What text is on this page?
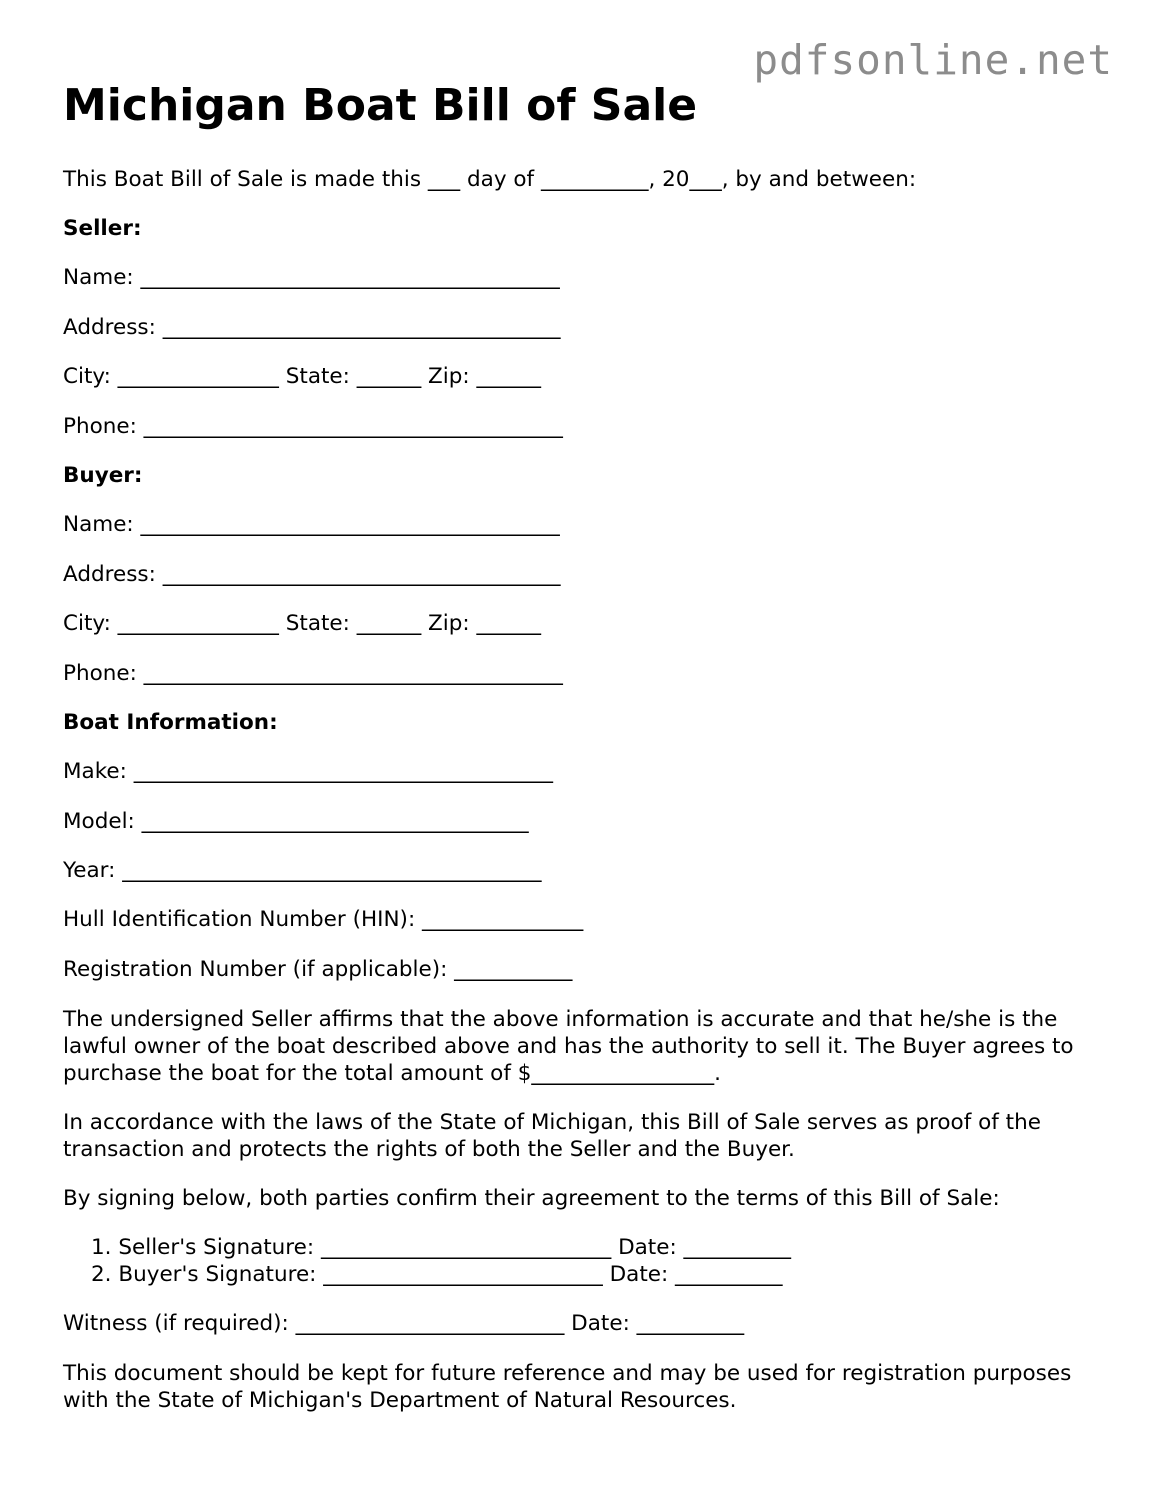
pdfsonline.net
Michigan Boat Bill of Sale
This Boat Bill of Sale is made this ___ day of __________, 20___, by and between:
Seller:
Name: _______________________________________
Address: _____________________________________
City: _______________ State: ______ Zip: ______
Phone: _______________________________________
Buyer:
Name: _______________________________________
Address: _____________________________________
City: _______________ State: ______ Zip: ______
Phone: _______________________________________
Boat Information:
Make: _______________________________________
Model: ____________________________________
Year: _______________________________________
Hull Identification Number (HIN): _______________
Registration Number (if applicable): ___________
The undersigned Seller affirms that the above information is accurate and that he/she is the lawful owner of the boat described above and has the authority to sell it. The Buyer agrees to purchase the boat for the total amount of $_________________.
In accordance with the laws of the State of Michigan, this Bill of Sale serves as proof of the transaction and protects the rights of both the Seller and the Buyer.
By signing below, both parties confirm their agreement to the terms of this Bill of Sale:
1. Seller's Signature: ___________________________ Date: __________
2. Buyer's Signature: __________________________ Date: __________
Witness (if required): _________________________ Date: __________
This document should be kept for future reference and may be used for registration purposes with the State of Michigan's Department of Natural Resources.
